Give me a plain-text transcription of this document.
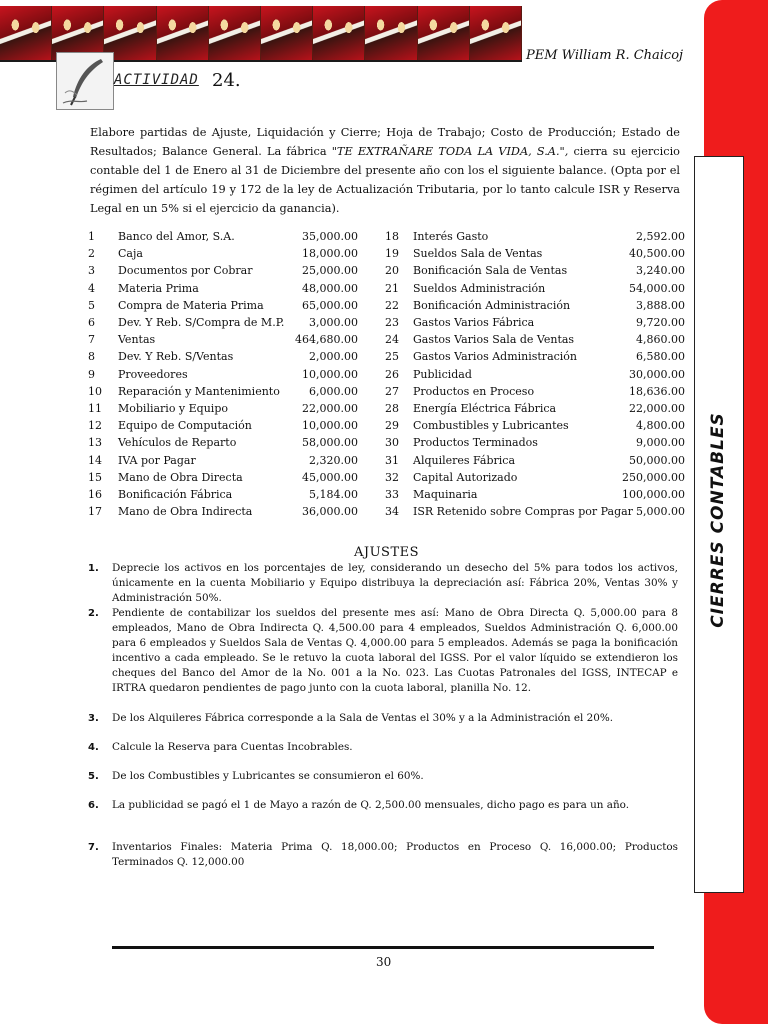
PEM William R. Chaicoj
ACTIVIDAD 24.
CIERRES CONTABLES
Elabore partidas de Ajuste, Liquidación y Cierre; Hoja de Trabajo; Costo de Producción; Estado de Resultados; Balance General. La fábrica "TE EXTRAÑARE TODA LA VIDA, S.A.", cierra su ejercicio contable del 1 de Enero al 31 de Diciembre del presente año con los el siguiente balance. (Opta por el régimen del artículo 19 y 172 de la ley de Actualización Tributaria, por lo tanto calcule ISR y Reserva Legal en un 5% si el ejercicio da ganancia).
1 Banco del Amor, S.A.	35,000.00
2 Caja	18,000.00
3 Documentos por Cobrar	25,000.00
4 Materia Prima	48,000.00
5 Compra de Materia Prima	65,000.00
6 Dev. Y Reb. S/Compra de M.P. 3,000.00
7 Ventas	464,680.00
8 Dev. Y Reb. S/Ventas	2,000.00
9 Proveedores	10,000.00
10 Reparación y Mantenimiento	6,000.00
11 Mobiliario y Equipo	22,000.00
12 Equipo de Computación	10,000.00
13 Vehículos de Reparto	58,000.00
14 IVA por Pagar	2,320.00
15 Mano de Obra Directa	45,000.00
16 Bonificación Fábrica	5,184.00
17 Mano de Obra Indirecta	36,000.00
18 Interés Gasto	2,592.00
19 Sueldos Sala de Ventas	40,500.00
20 Bonificación Sala de Ventas	3,240.00
21 Sueldos Administración	54,000.00
22 Bonificación Administración	3,888.00
23 Gastos Varios Fábrica	9,720.00
24 Gastos Varios Sala de Ventas	4,860.00
25 Gastos Varios Administración	6,580.00
26 Publicidad	30,000.00
27 Productos en Proceso	18,636.00
28 Energía Eléctrica Fábrica	22,000.00
29 Combustibles y Lubricantes	4,800.00
30 Productos Terminados	9,000.00
31 Alquileres Fábrica	50,000.00
32 Capital Autorizado	250,000.00
33 Maquinaria	100,000.00
34 ISR Retenido sobre Compras por Pagar 5,000.00
AJUSTES
1. Deprecie los activos en los porcentajes de ley, considerando un desecho del 5% para todos los activos, únicamente en la cuenta Mobiliario y Equipo distribuya la depreciación así: Fábrica 20%, Ventas 30% y Administración 50%.
2. Pendiente de contabilizar los sueldos del presente mes así: Mano de Obra Directa Q. 5,000.00 para 8 empleados, Mano de Obra Indirecta Q. 4,500.00 para 4 empleados, Sueldos Administración Q. 6,000.00 para 6 empleados y Sueldos Sala de Ventas Q. 4,000.00 para 5 empleados. Además se paga la bonificación incentivo a cada empleado. Se le retuvo la cuota laboral del IGSS. Por el valor líquido se extendieron los cheques del Banco del Amor de la No. 001 a la No. 023. Las Cuotas Patronales del IGSS, INTECAP e IRTRA quedaron pendientes de pago junto con la cuota laboral, planilla No. 12.
3. De los Alquileres Fábrica corresponde a la Sala de Ventas el 30% y a la Administración el 20%.
4. Calcule la Reserva para Cuentas Incobrables.
5. De los Combustibles y Lubricantes se consumieron el 60%.
6. La publicidad se pagó el 1 de Mayo a razón de Q. 2,500.00 mensuales, dicho pago es para un año.
7. Inventarios Finales: Materia Prima Q. 18,000.00; Productos en Proceso Q. 16,000.00; Productos Terminados Q. 12,000.00
30
